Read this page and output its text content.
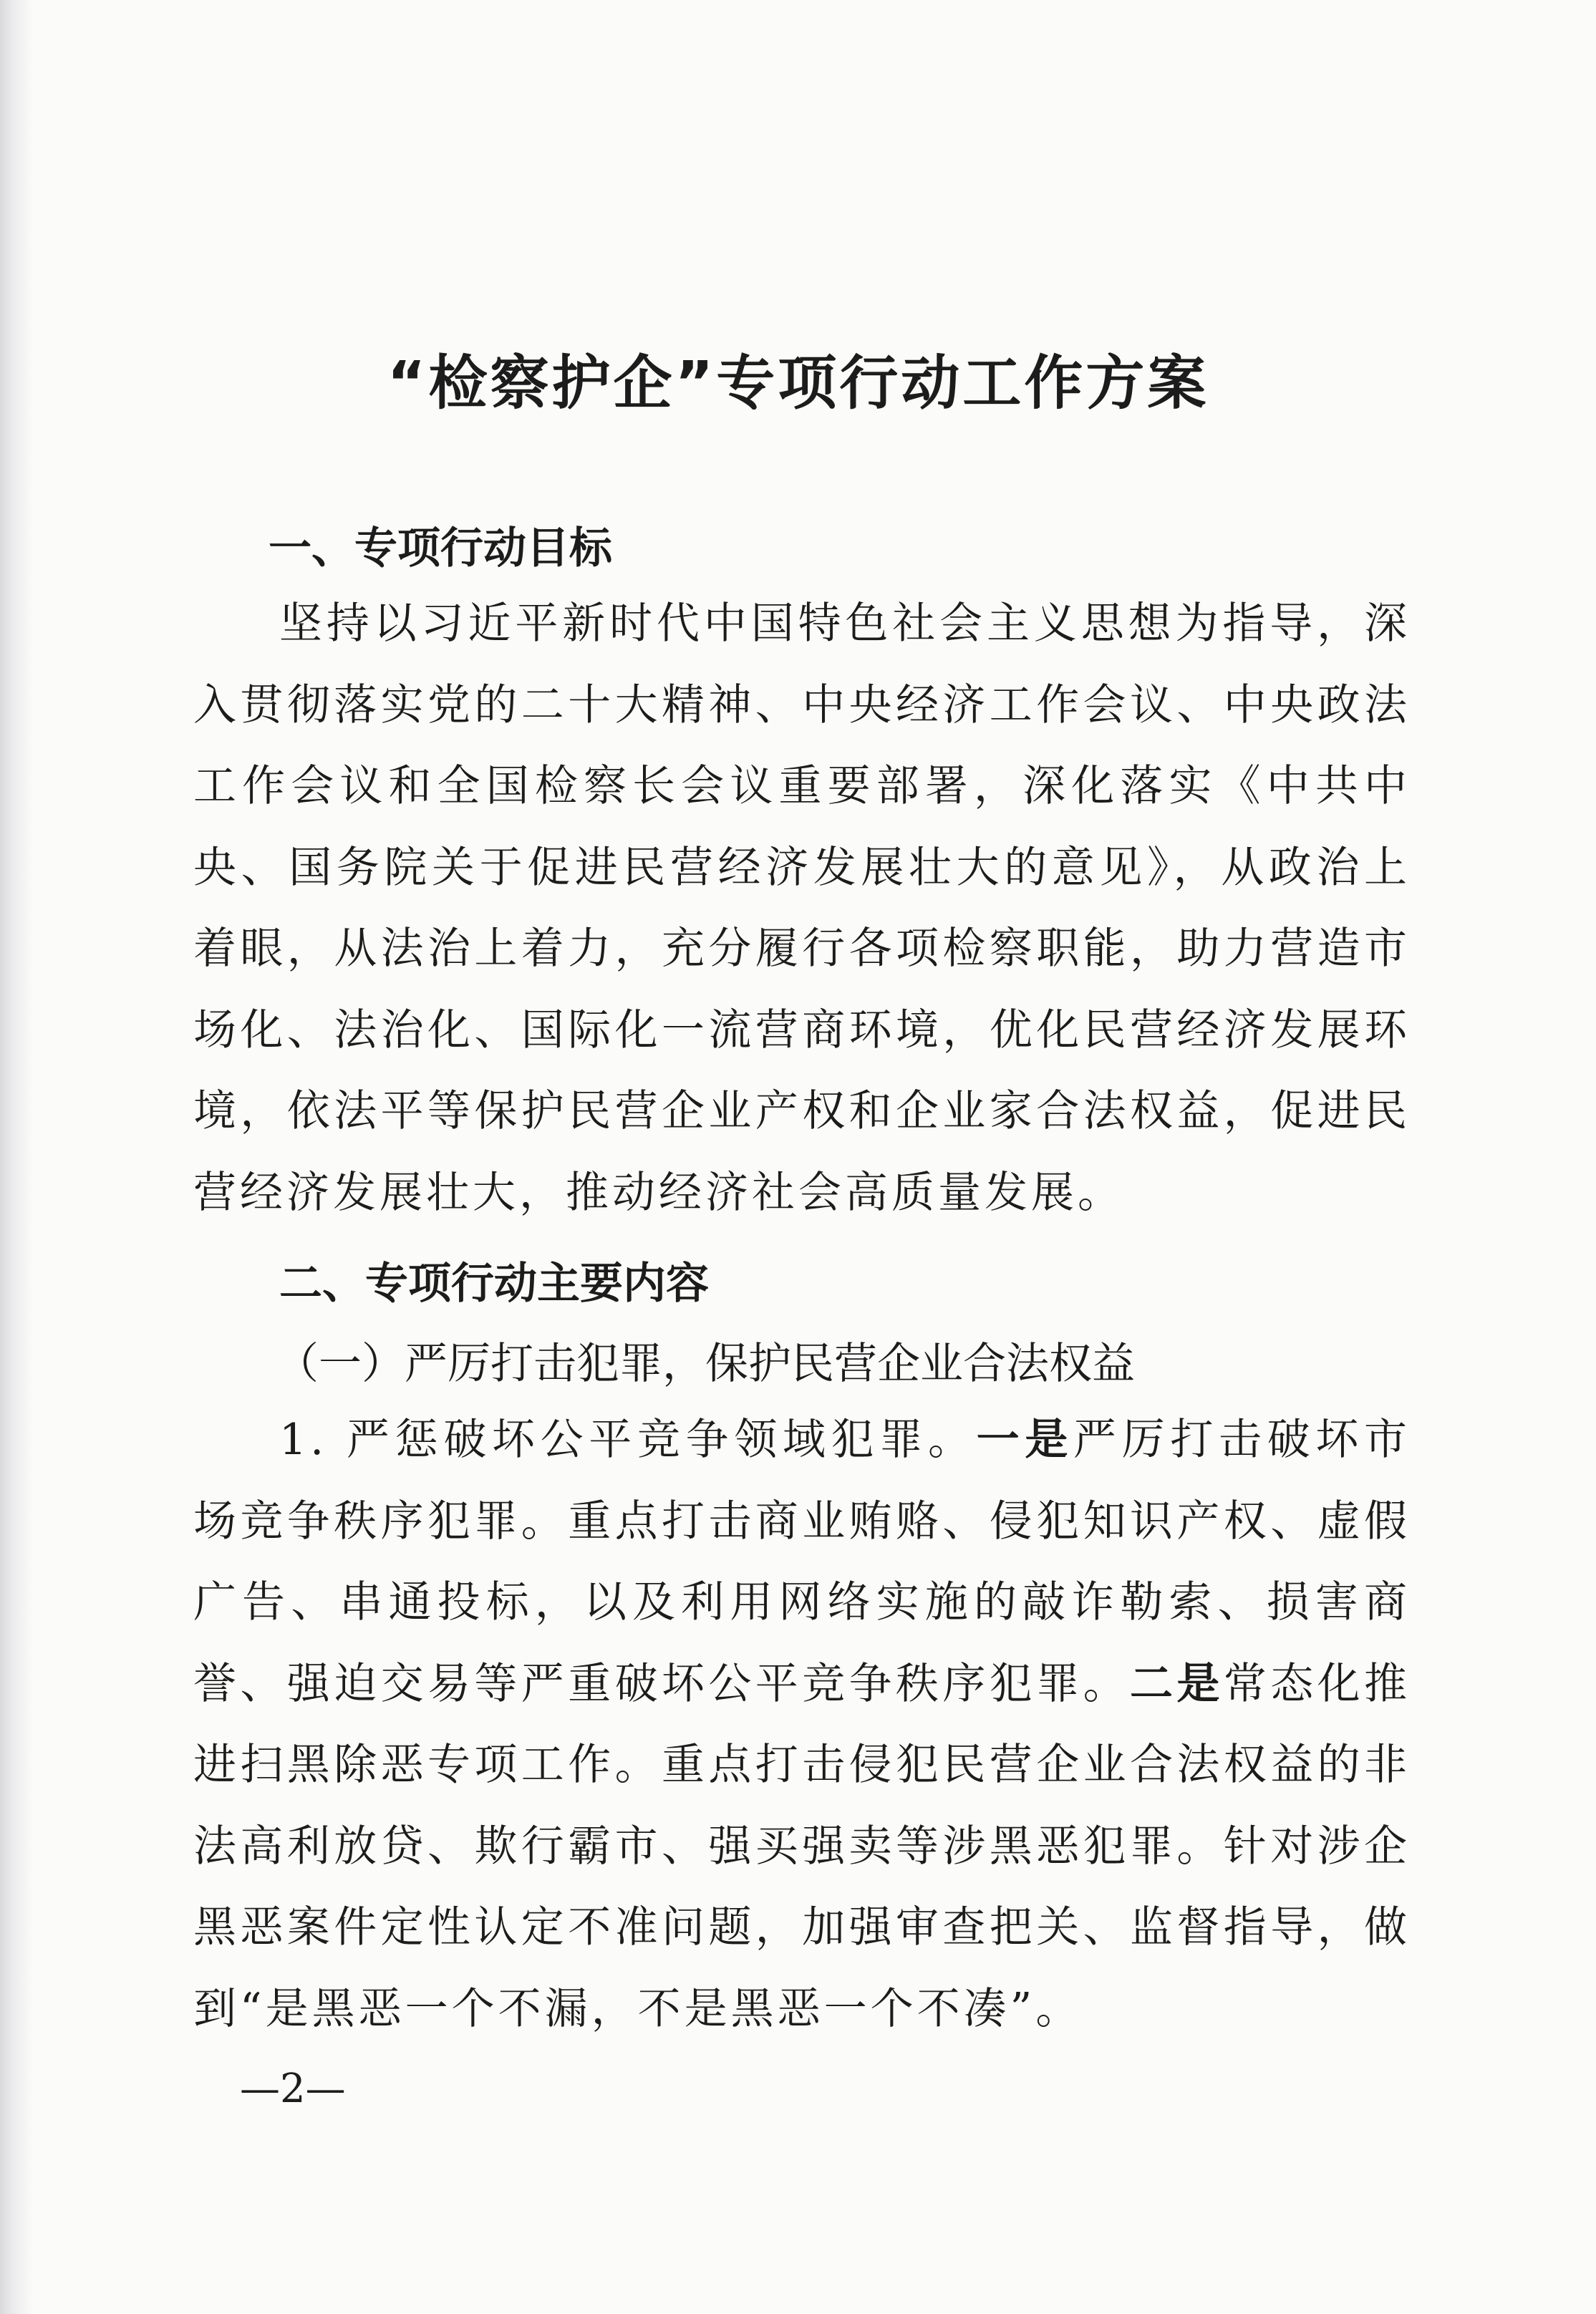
“检察护企”专项行动工作方案
一、专项行动目标

坚持以习近平新时代中国特色社会主义思想为指导，深入贯彻落实党的二十大精神、中央经济工作会议、中央政法工作会议和全国检察长会议重要部署，深化落实《中共中央、国务院关于促进民营经济发展壮大的意见》，从政治上着眼，从法治上着力，充分履行各项检察职能，助力营造市场化、法治化、国际化一流营商环境，优化民营经济发展环境，依法平等保护民营企业产权和企业家合法权益，促进民营经济发展壮大，推动经济社会高质量发展。

二、专项行动主要内容
（一）严厉打击犯罪，保护民营企业合法权益

1. 严惩破坏公平竞争领域犯罪。一是严厉打击破坏市场竞争秩序犯罪。重点打击商业贿赂、侵犯知识产权、虚假广告、串通投标，以及利用网络实施的敲诈勒索、损害商誉、强迫交易等严重破坏公平竞争秩序犯罪。二是常态化推进扫黑除恶专项工作。重点打击侵犯民营企业合法权益的非法高利放贷、欺行霸市、强买强卖等涉黑恶犯罪。针对涉企黑恶案件定性认定不准问题，加强审查把关、监督指导，做到“是黑恶一个不漏，不是黑恶一个不凑”。

—2—
